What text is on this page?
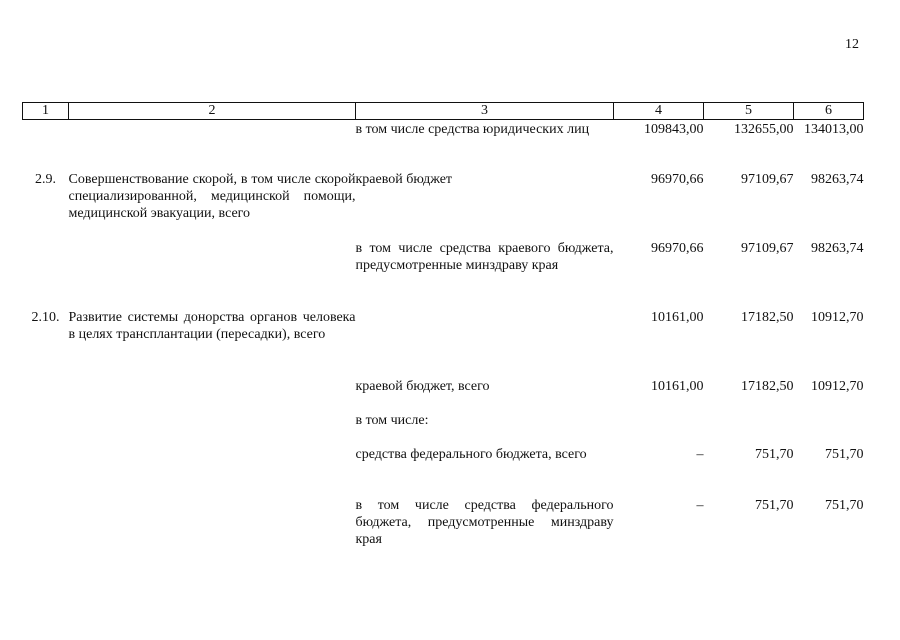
12
1	2	3	4	5	6
		в том числе средства юридических лиц	109843,00	132655,00	134013,00
2.9.	Совершенствование скорой, в том числе скорой специализированной, медицинской помощи, медицинской эвакуации, всего	краевой бюджет	96970,66	97109,67	98263,74
		в том числе средства краевого бюджета, предусмотренные минздраву края	96970,66	97109,67	98263,74
2.10.	Развитие системы донорства органов человека в целях трансплантации (пересадки), всего		10161,00	17182,50	10912,70
		краевой бюджет, всего	10161,00	17182,50	10912,70
		в том числе:			
		средства федерального бюджета, всего	–	751,70	751,70
		в том числе средства федерального бюджета, предусмотренные минздраву края	–	751,70	751,70
